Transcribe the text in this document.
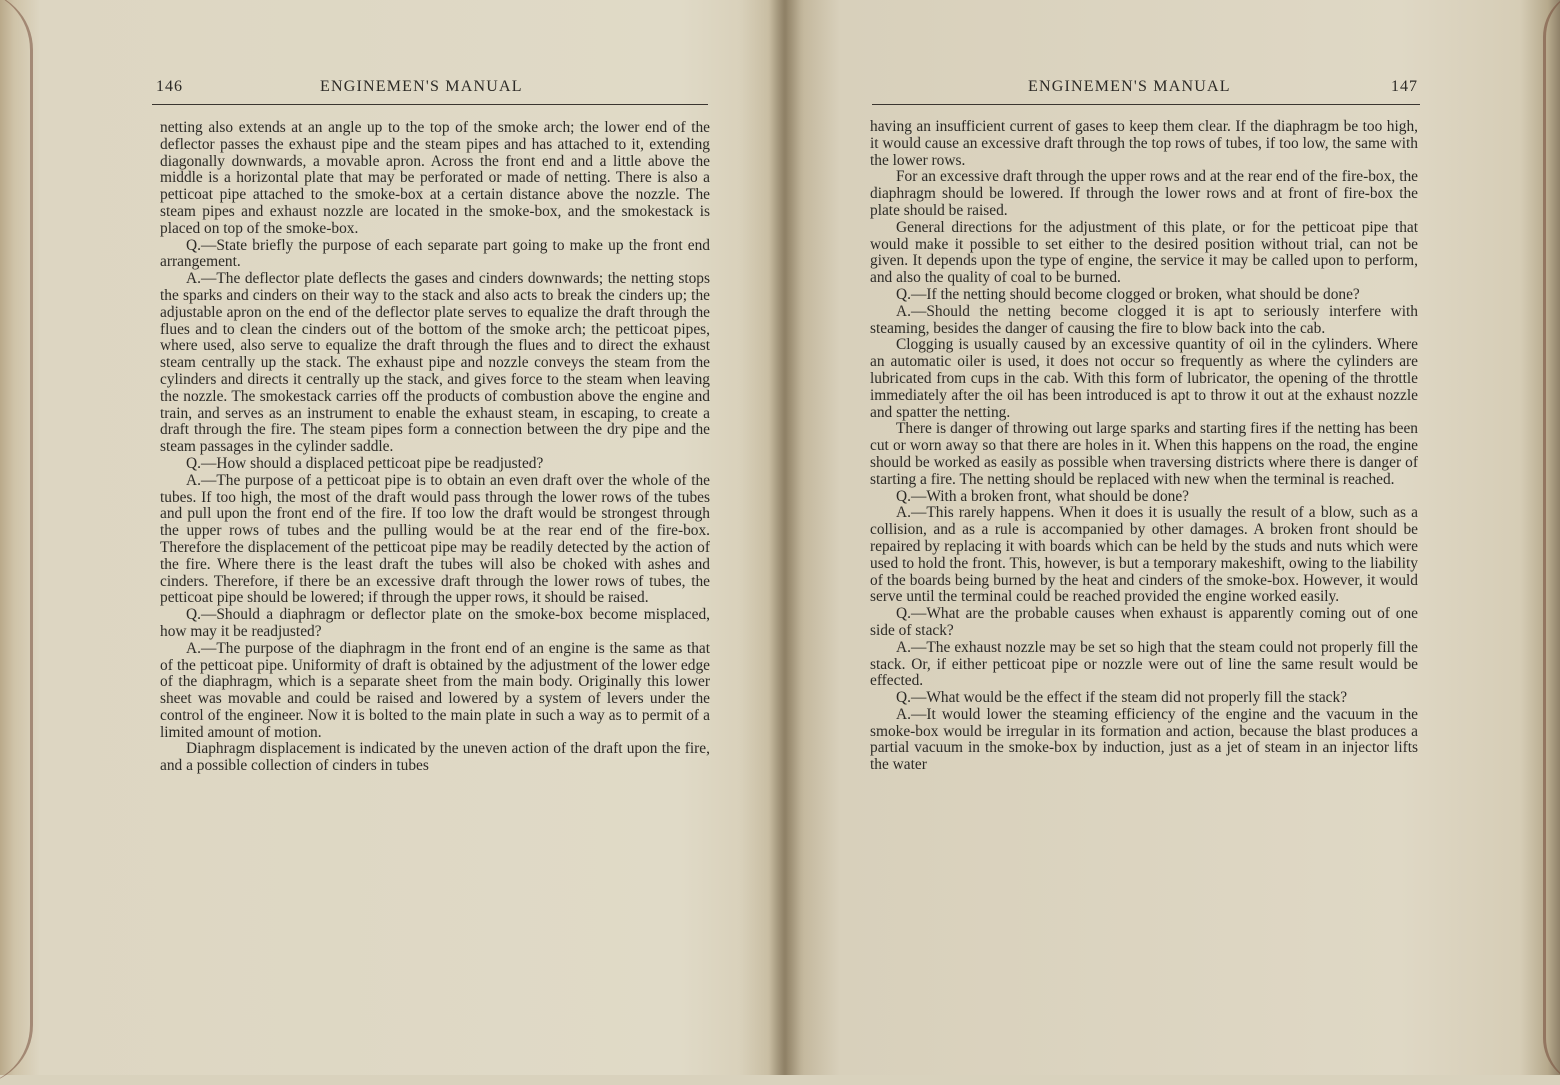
146	ENGINEMEN'S MANUAL

netting also extends at an angle up to the top of the smoke arch; the lower end of the deflector passes the exhaust pipe and the steam pipes and has attached to it, extending diagonally downwards, a movable apron. Across the front end and a little above the middle is a horizontal plate that may be perforated or made of netting. There is also a petticoat pipe attached to the smoke-box at a certain distance above the nozzle. The steam pipes and exhaust nozzle are located in the smoke-box, and the smokestack is placed on top of the smoke-box.

Q.—State briefly the purpose of each separate part going to make up the front end arrangement.

A.—The deflector plate deflects the gases and cinders downwards; the netting stops the sparks and cinders on their way to the stack and also acts to break the cinders up; the adjustable apron on the end of the deflector plate serves to equalize the draft through the flues and to clean the cinders out of the bottom of the smoke arch; the petticoat pipes, where used, also serve to equalize the draft through the flues and to direct the exhaust steam centrally up the stack. The exhaust pipe and nozzle conveys the steam from the cylinders and directs it centrally up the stack, and gives force to the steam when leaving the nozzle. The smokestack carries off the products of combustion above the engine and train, and serves as an instrument to enable the exhaust steam, in escaping, to create a draft through the fire. The steam pipes form a connection between the dry pipe and the steam passages in the cylinder saddle.

Q.—How should a displaced petticoat pipe be readjusted?

A.—The purpose of a petticoat pipe is to obtain an even draft over the whole of the tubes. If too high, the most of the draft would pass through the lower rows of the tubes and pull upon the front end of the fire. If too low the draft would be strongest through the upper rows of tubes and the pulling would be at the rear end of the fire-box. Therefore the displacement of the petticoat pipe may be readily detected by the action of the fire. Where there is the least draft the tubes will also be choked with ashes and cinders. Therefore, if there be an excessive draft through the lower rows of tubes, the petticoat pipe should be lowered; if through the upper rows, it should be raised.

Q.—Should a diaphragm or deflector plate on the smoke-box become misplaced, how may it be readjusted?

A.—The purpose of the diaphragm in the front end of an engine is the same as that of the petticoat pipe. Uniformity of draft is obtained by the adjustment of the lower edge of the diaphragm, which is a separate sheet from the main body. Originally this lower sheet was movable and could be raised and lowered by a system of levers under the control of the engineer. Now it is bolted to the main plate in such a way as to permit of a limited amount of motion.

Diaphragm displacement is indicated by the uneven action of the draft upon the fire, and a possible collection of cinders in tubes

ENGINEMEN'S MANUAL	147

having an insufficient current of gases to keep them clear. If the diaphragm be too high, it would cause an excessive draft through the top rows of tubes, if too low, the same with the lower rows.

For an excessive draft through the upper rows and at the rear end of the fire-box, the diaphragm should be lowered. If through the lower rows and at front of fire-box the plate should be raised.

General directions for the adjustment of this plate, or for the petticoat pipe that would make it possible to set either to the desired position without trial, can not be given. It depends upon the type of engine, the service it may be called upon to perform, and also the quality of coal to be burned.

Q.—If the netting should become clogged or broken, what should be done?

A.—Should the netting become clogged it is apt to seriously interfere with steaming, besides the danger of causing the fire to blow back into the cab.

Clogging is usually caused by an excessive quantity of oil in the cylinders. Where an automatic oiler is used, it does not occur so frequently as where the cylinders are lubricated from cups in the cab. With this form of lubricator, the opening of the throttle immediately after the oil has been introduced is apt to throw it out at the exhaust nozzle and spatter the netting.

There is danger of throwing out large sparks and starting fires if the netting has been cut or worn away so that there are holes in it. When this happens on the road, the engine should be worked as easily as possible when traversing districts where there is danger of starting a fire. The netting should be replaced with new when the terminal is reached.

Q.—With a broken front, what should be done?

A.—This rarely happens. When it does it is usually the result of a blow, such as a collision, and as a rule is accompanied by other damages. A broken front should be repaired by replacing it with boards which can be held by the studs and nuts which were used to hold the front. This, however, is but a temporary makeshift, owing to the liability of the boards being burned by the heat and cinders of the smoke-box. However, it would serve until the terminal could be reached provided the engine worked easily.

Q.—What are the probable causes when exhaust is apparently coming out of one side of stack?

A.—The exhaust nozzle may be set so high that the steam could not properly fill the stack. Or, if either petticoat pipe or nozzle were out of line the same result would be effected.

Q.—What would be the effect if the steam did not properly fill the stack?

A.—It would lower the steaming efficiency of the engine and the vacuum in the smoke-box would be irregular in its formation and action, because the blast produces a partial vacuum in the smoke-box by induction, just as a jet of steam in an injector lifts the water
